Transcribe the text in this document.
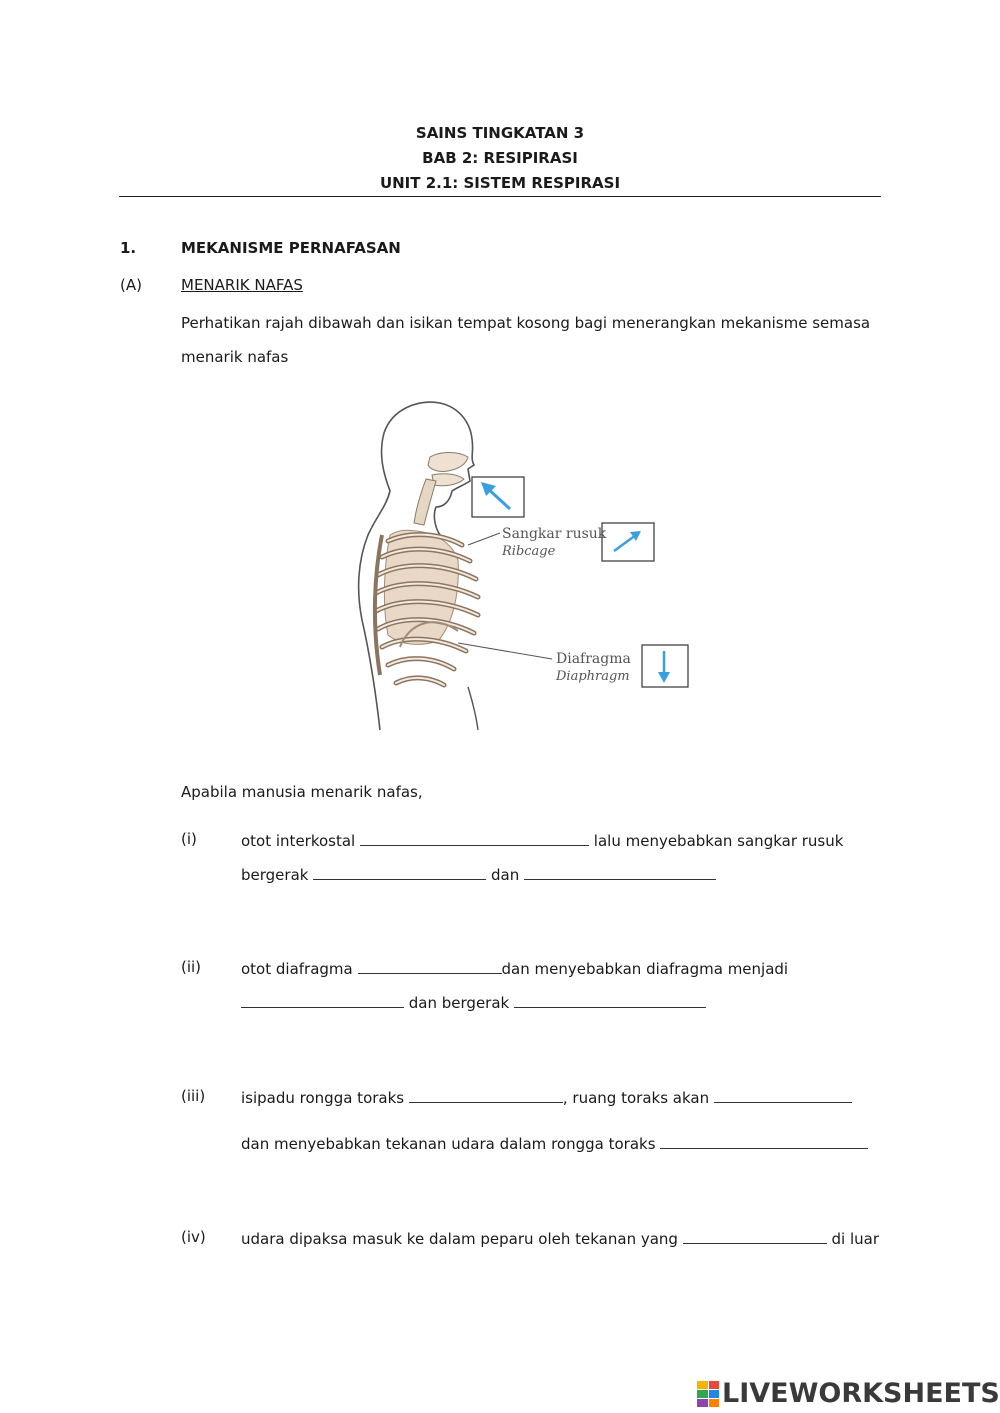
SAINS TINGKATAN 3
BAB 2: RESIPIRASI
UNIT 2.1: SISTEM RESPIRASI
1.	MEKANISME PERNAFASAN
(A)	MENARIK NAFAS
Perhatikan rajah dibawah dan isikan tempat kosong bagi menerangkan mekanisme semasa
menarik nafas
Sangkar rusuk
Ribcage
Diafragma
Diaphragm
Apabila manusia menarik nafas,
(i)	otot interkostal	lalu menyebabkan sangkar rusuk
bergerak	dan
(ii)	otot diafragma	dan menyebabkan diafragma menjadi
dan bergerak
(iii) isipadu rongga toraks	, ruang toraks akan
dan menyebabkan tekanan udara dalam rongga toraks
(iv) udara dipaksa masuk ke dalam peparu oleh tekanan yang	di luar
LIVEWORKSHEETS
